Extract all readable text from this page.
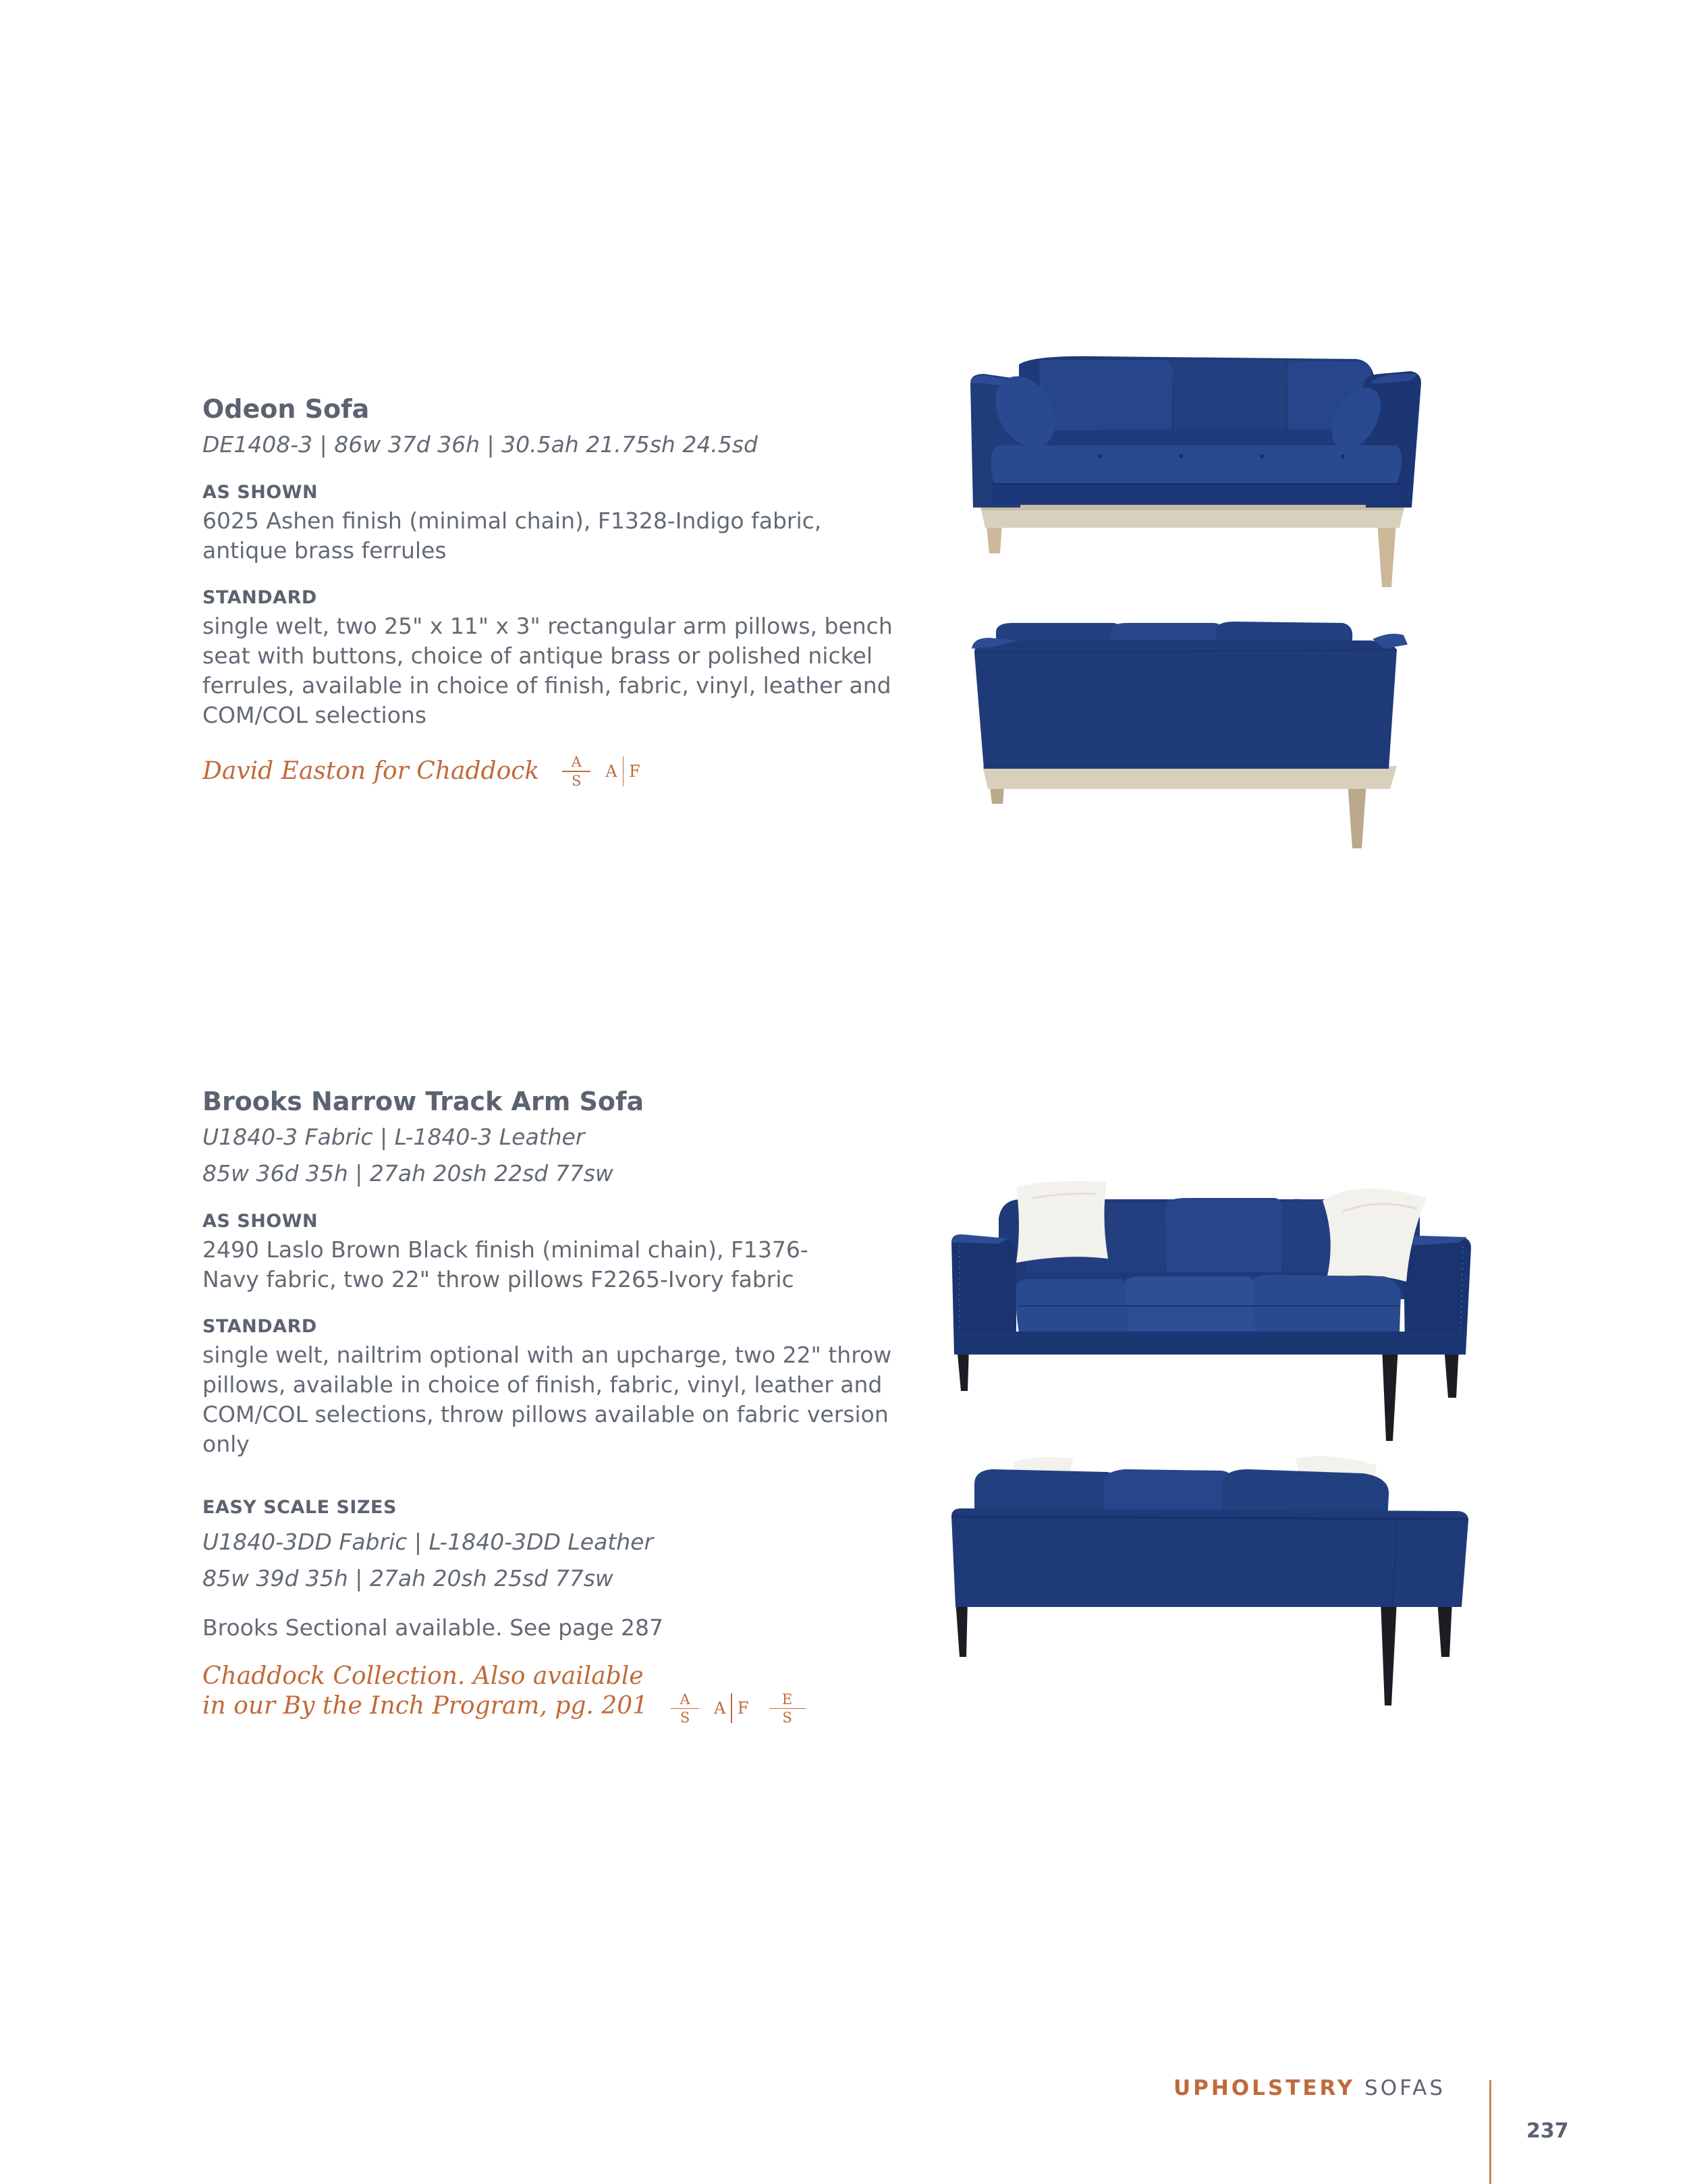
Odeon Sofa
DE1408-3 | 86w 37d 36h | 30.5ah 21.75sh 24.5sd
AS SHOWN
6025 Ashen finish (minimal chain), F1328-Indigo fabric, antique brass ferrules
STANDARD
single welt, two 25" x 11" x 3" rectangular arm pillows, bench seat with buttons, choice of antique brass or polished nickel ferrules, available in choice of finish, fabric, vinyl, leather and COM/COL selections
David Easton for Chaddock $\frac{A}{S}$ A F
Brooks Narrow Track Arm Sofa
U1840-3 Fabric | L-1840-3 Leather
85w 36d 35h | 27ah 20sh 22sd 77sw
AS SHOWN
2490 Laslo Brown Black finish (minimal chain), F1376-Navy fabric, two 22" throw pillows F2265-Ivory fabric
STANDARD
single welt, nailtrim optional with an upcharge, two 22" throw pillows, available in choice of finish, fabric, vinyl, leather and COM/COL selections, throw pillows available on fabric version only
EASY SCALE SIZES
U1840-3DD Fabric | L-1840-3DD Leather
85w 39d 35h | 27ah 20sh 25sd 77sw
Brooks Sectional available. See page 287
Chaddock Collection. Also available
in our By the Inch Program, pg. $201 \frac{A}{S}$ A F $\frac{E}{S}$
UPHOLSTERY SOFAS
237
